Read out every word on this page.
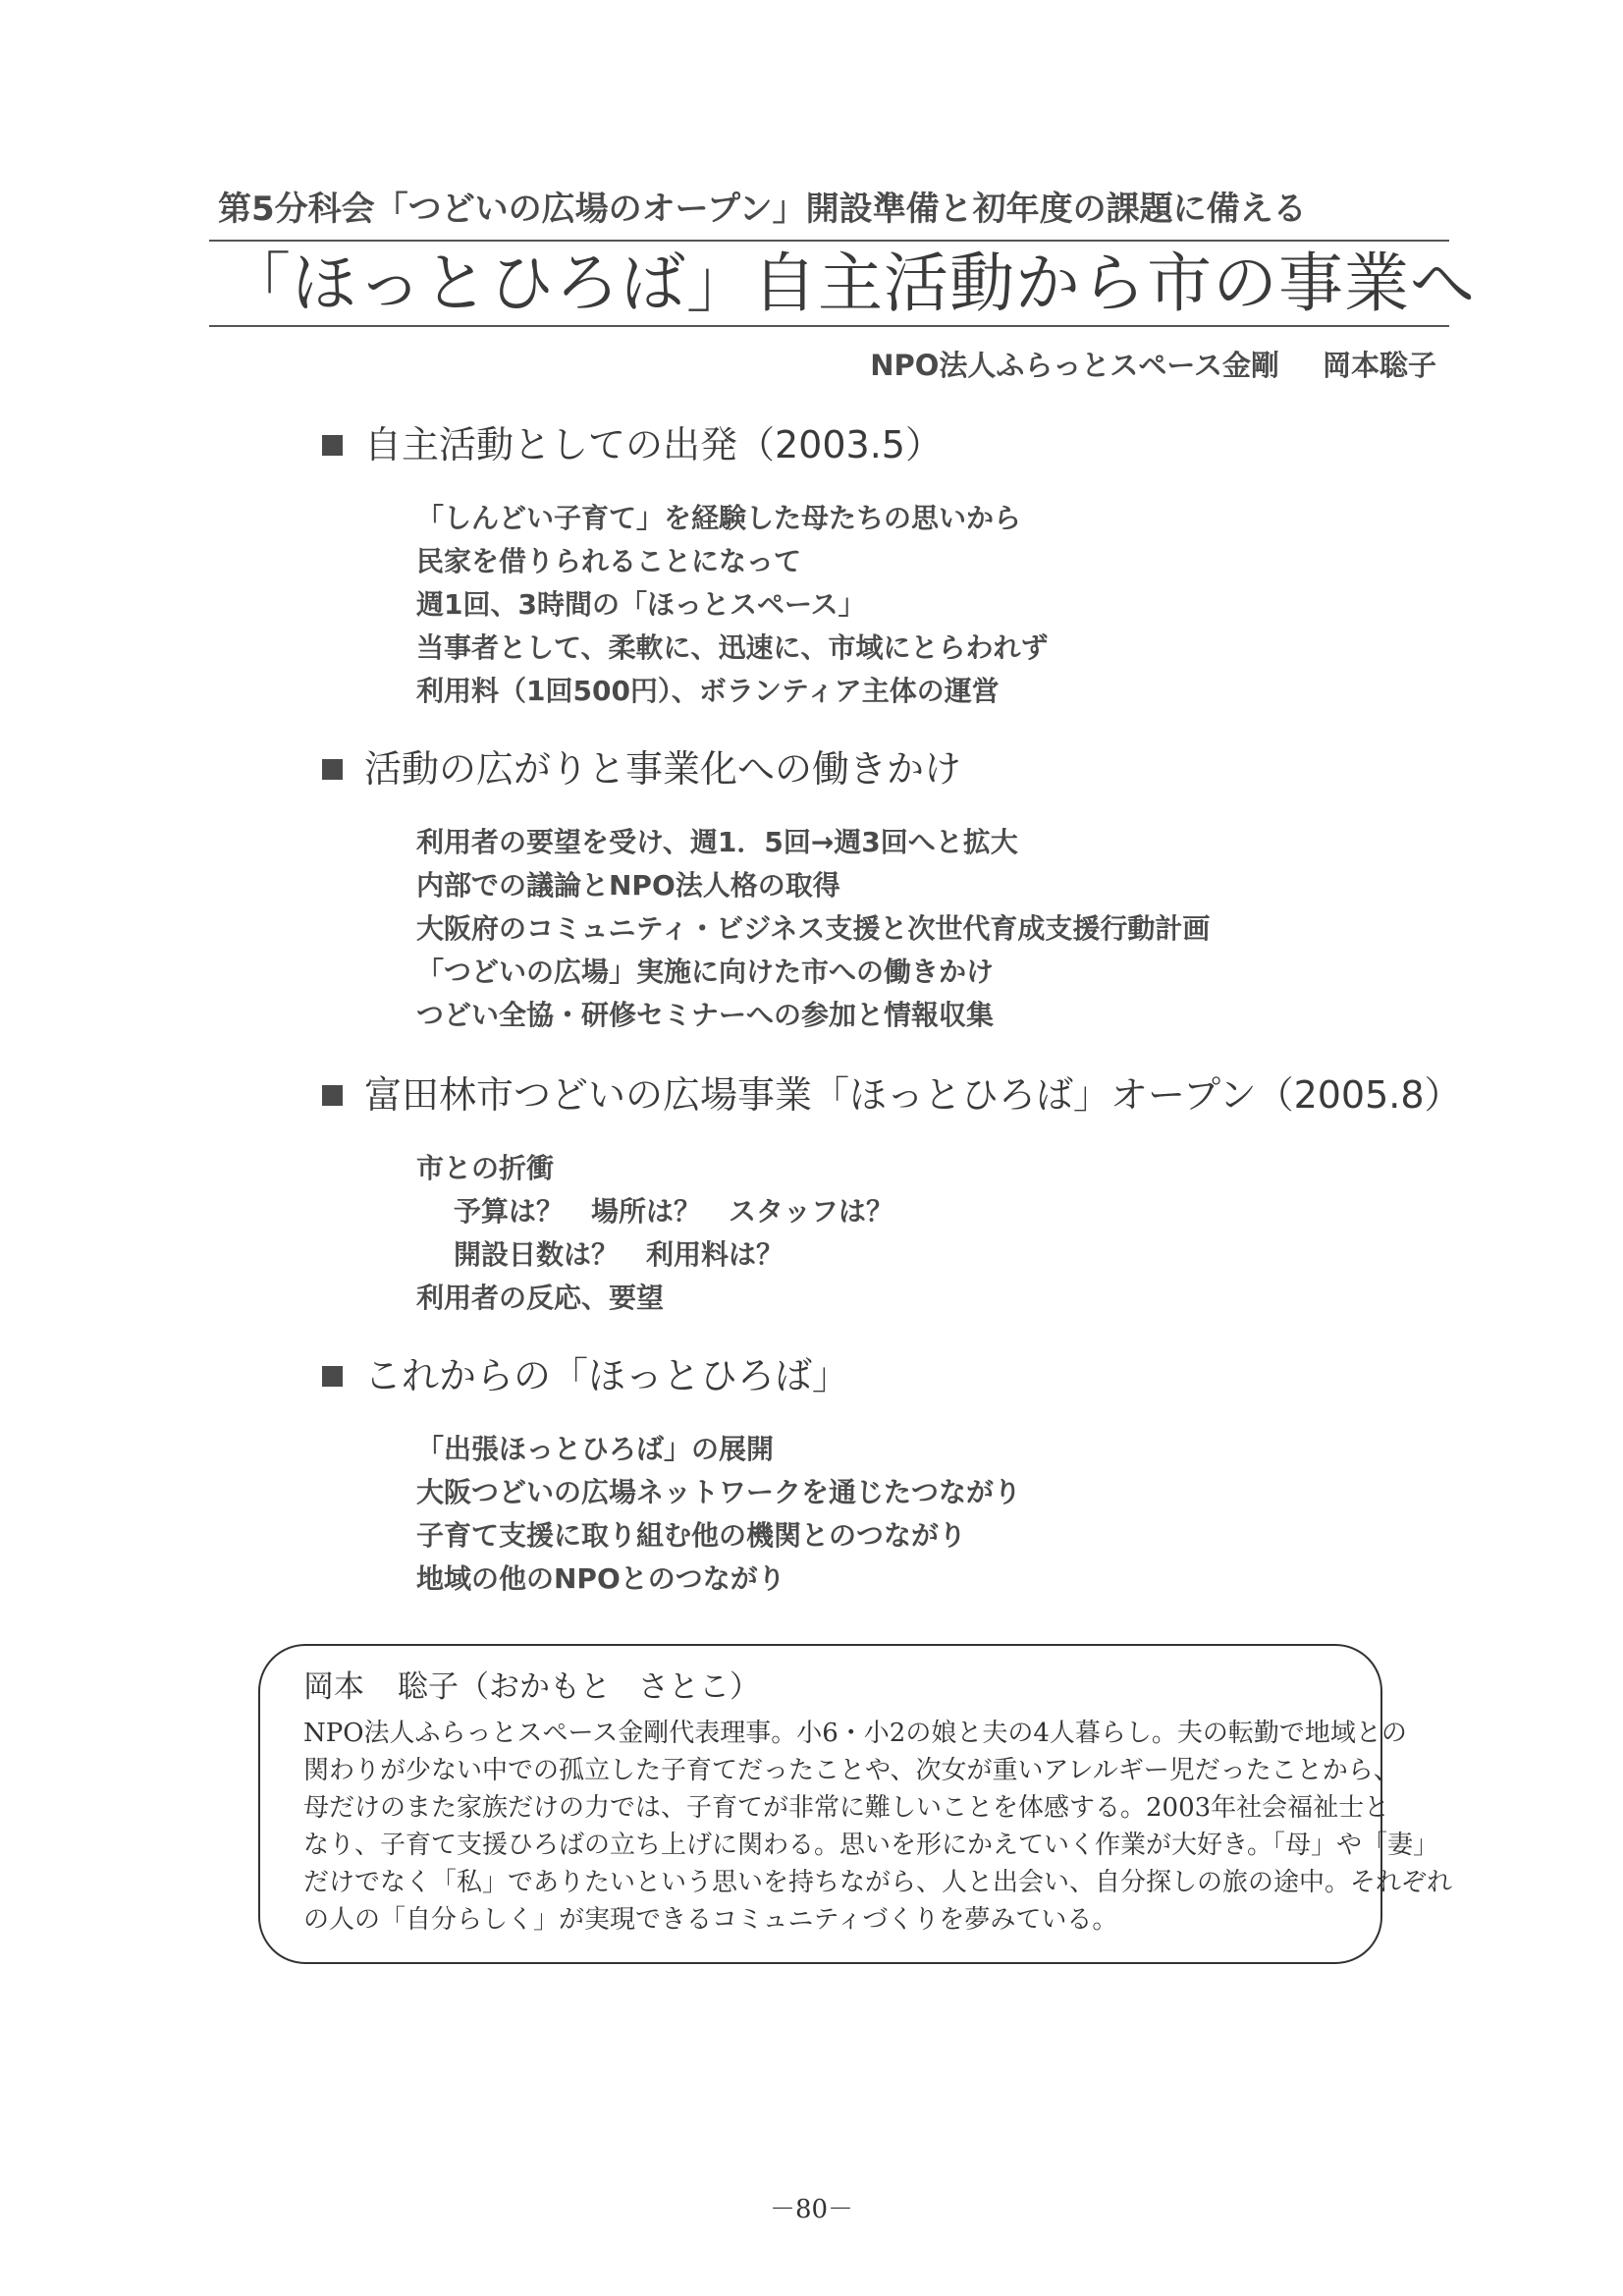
第5分科会「つどいの広場のオープン」開設準備と初年度の課題に備える
「ほっとひろば」自主活動から市の事業へ
NPO法人ふらっとスペース金剛 岡本聡子
自主活動としての出発（2003.5）
「しんどい子育て」を経験した母たちの思いから
民家を借りられることになって
週1回、3時間の「ほっとスペース」
当事者として、柔軟に、迅速に、市域にとらわれず
利用料（1回500円）、ボランティア主体の運営
活動の広がりと事業化への働きかけ
利用者の要望を受け、週1．5回→週3回へと拡大
内部での議論とNPO法人格の取得
大阪府のコミュニティ・ビジネス支援と次世代育成支援行動計画
「つどいの広場」実施に向けた市への働きかけ
つどい全協・研修セミナーへの参加と情報収集
富田林市つどいの広場事業「ほっとひろば」オープン（2005.8）
市との折衝
予算は？　場所は？　スタッフは？
開設日数は？　利用料は？
利用者の反応、要望
これからの「ほっとひろば」
「出張ほっとひろば」の展開
大阪つどいの広場ネットワークを通じたつながり
子育て支援に取り組む他の機関とのつながり
地域の他のNPOとのつながり
岡本 聡子（おかもと さとこ）
NPO法人ふらっとスペース金剛代表理事。小6・小2の娘と夫の4人暮らし。夫の転勤で地域との
関わりが少ない中での孤立した子育てだったことや、次女が重いアレルギー児だったことから、
母だけのまた家族だけの力では、子育てが非常に難しいことを体感する。2003年社会福祉士と
なり、子育て支援ひろばの立ち上げに関わる。思いを形にかえていく作業が大好き。「母」や「妻」
だけでなく「私」でありたいという思いを持ちながら、人と出会い、自分探しの旅の途中。それぞれ
の人の「自分らしく」が実現できるコミュニティづくりを夢みている。
－80－
